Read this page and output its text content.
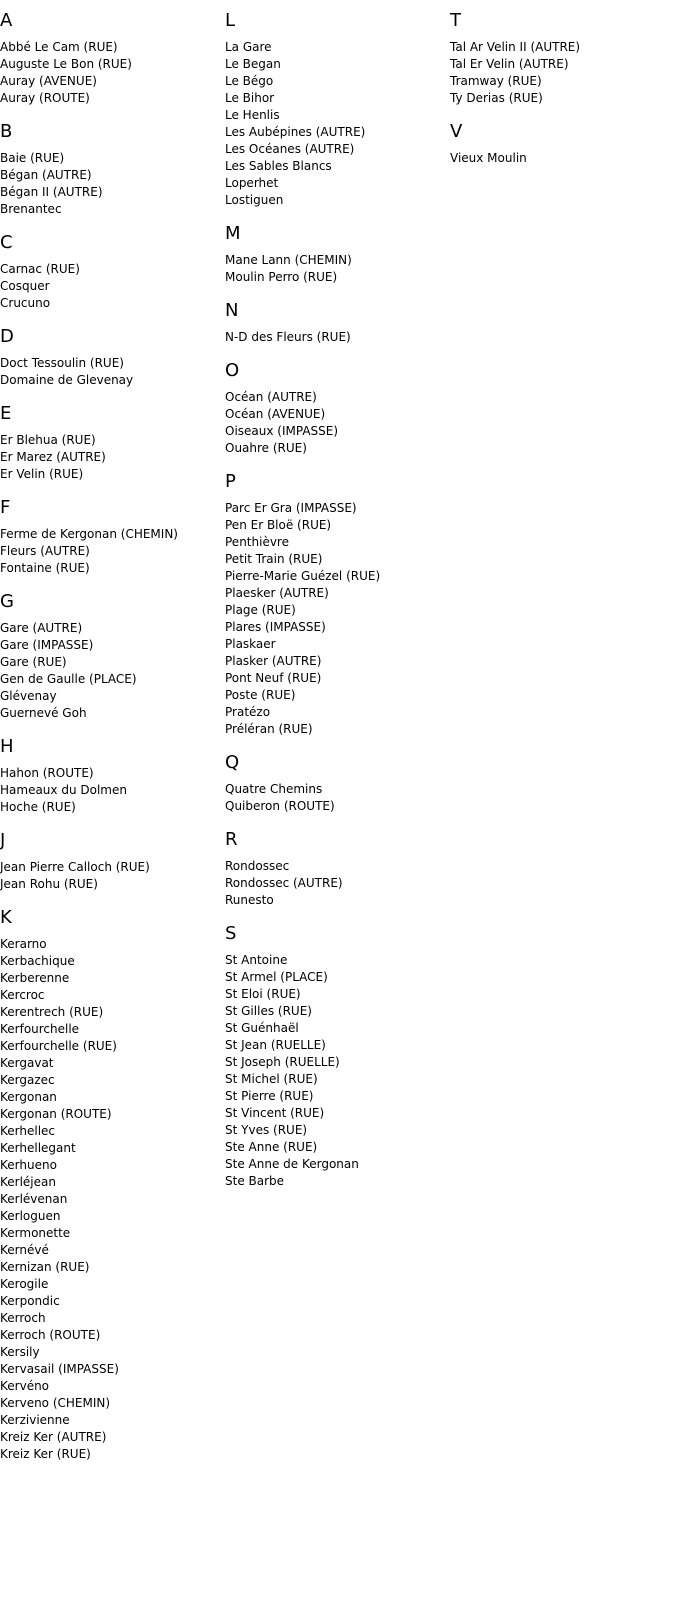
A
Abbé Le Cam (RUE)
Auguste Le Bon (RUE)
Auray (AVENUE)
Auray (ROUTE)
B
Baie (RUE)
Bégan (AUTRE)
Bégan II (AUTRE)
Brenantec
C
Carnac (RUE)
Cosquer
Crucuno
D
Doct Tessoulin (RUE)
Domaine de Glevenay
E
Er Blehua (RUE)
Er Marez (AUTRE)
Er Velin (RUE)
F
Ferme de Kergonan (CHEMIN)
Fleurs (AUTRE)
Fontaine (RUE)
G
Gare (AUTRE)
Gare (IMPASSE)
Gare (RUE)
Gen de Gaulle (PLACE)
Glévenay
Guernevé Goh
H
Hahon (ROUTE)
Hameaux du Dolmen
Hoche (RUE)
J
Jean Pierre Calloch (RUE)
Jean Rohu (RUE)
K
Kerarno
Kerbachique
Kerberenne
Kercroc
Kerentrech (RUE)
Kerfourchelle
Kerfourchelle (RUE)
Kergavat
Kergazec
Kergonan
Kergonan (ROUTE)
Kerhellec
Kerhellegant
Kerhueno
Kerléjean
Kerlévenan
Kerloguen
Kermonette
Kernévé
Kernizan (RUE)
Kerogile
Kerpondic
Kerroch
Kerroch (ROUTE)
Kersily
Kervasail (IMPASSE)
Kervéno
Kerveno (CHEMIN)
Kerzivienne
Kreiz Ker (AUTRE)
Kreiz Ker (RUE)
L
La Gare
Le Began
Le Bégo
Le Bihor
Le Henlis
Les Aubépines (AUTRE)
Les Océanes (AUTRE)
Les Sables Blancs
Loperhet
Lostiguen
M
Mane Lann (CHEMIN)
Moulin Perro (RUE)
N
N-D des Fleurs (RUE)
O
Océan (AUTRE)
Océan (AVENUE)
Oiseaux (IMPASSE)
Ouahre (RUE)
P
Parc Er Gra (IMPASSE)
Pen Er Bloë (RUE)
Penthièvre
Petit Train (RUE)
Pierre-Marie Guézel (RUE)
Plaesker (AUTRE)
Plage (RUE)
Plares (IMPASSE)
Plaskaer
Plasker (AUTRE)
Pont Neuf (RUE)
Poste (RUE)
Pratézo
Préléran (RUE)
Q
Quatre Chemins
Quiberon (ROUTE)
R
Rondossec
Rondossec (AUTRE)
Runesto
S
St Antoine
St Armel (PLACE)
St Eloi (RUE)
St Gilles (RUE)
St Guénhaël
St Jean (RUELLE)
St Joseph (RUELLE)
St Michel (RUE)
St Pierre (RUE)
St Vincent (RUE)
St Yves (RUE)
Ste Anne (RUE)
Ste Anne de Kergonan
Ste Barbe
T
Tal Ar Velin II (AUTRE)
Tal Er Velin (AUTRE)
Tramway (RUE)
Ty Derias (RUE)
V
Vieux Moulin
